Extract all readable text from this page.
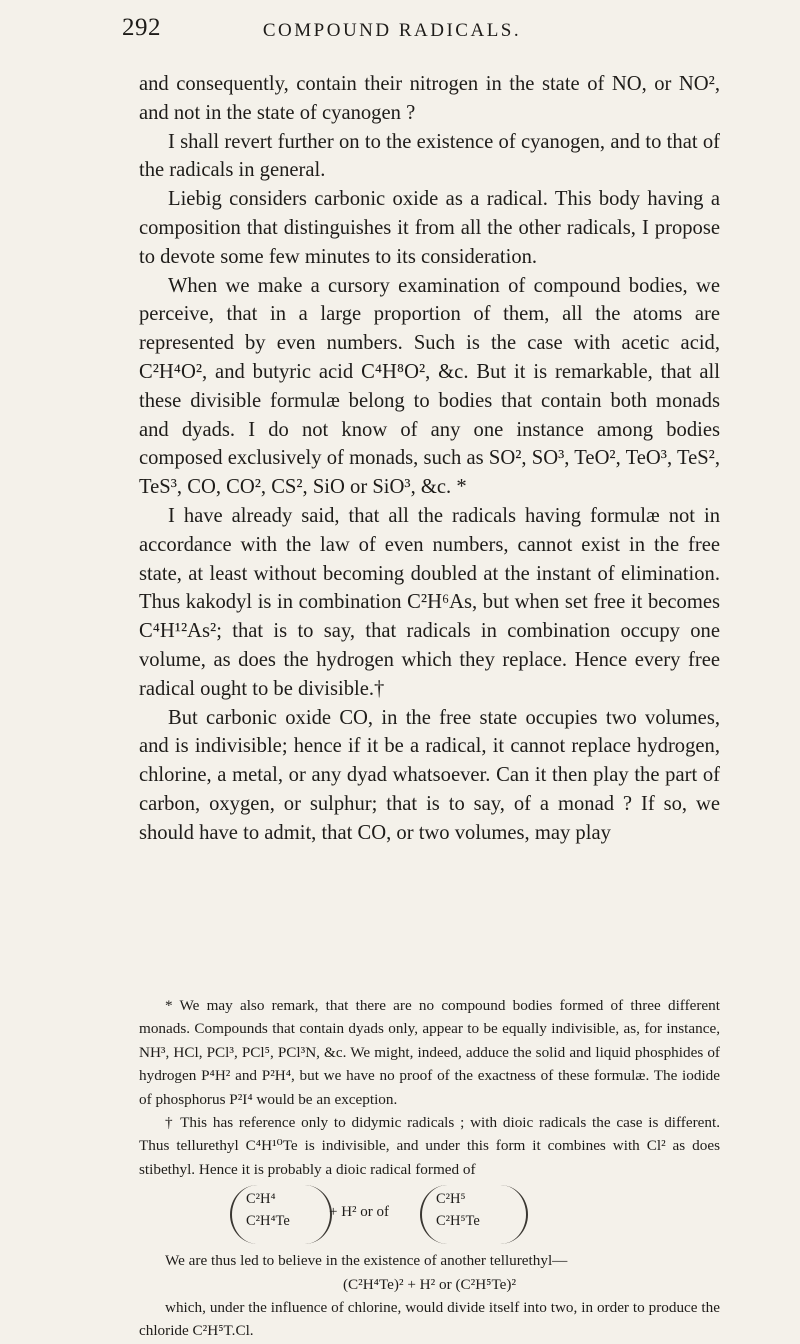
292	COMPOUND RADICALS.

and consequently, contain their nitrogen in the state of NO, or NO², and not in the state of cyanogen ?

I shall revert further on to the existence of cyanogen, and to that of the radicals in general.

Liebig considers carbonic oxide as a radical. This body having a composition that distinguishes it from all the other radicals, I propose to devote some few minutes to its consideration.

When we make a cursory examination of compound bodies, we perceive, that in a large proportion of them, all the atoms are represented by even numbers. Such is the case with acetic acid, C²H⁴O², and butyric acid C⁴H⁸O², &c. But it is remarkable, that all these divisible formulæ belong to bodies that contain both monads and dyads. I do not know of any one instance among bodies composed exclusively of monads, such as SO², SO³, TeO², TeO³, TeS², TeS³, CO, CO², CS², SiO or SiO³, &c. *

I have already said, that all the radicals having formulæ not in accordance with the law of even numbers, cannot exist in the free state, at least without becoming doubled at the instant of elimination. Thus kakodyl is in combination C²H⁶As, but when set free it becomes C⁴H¹²As²; that is to say, that radicals in combination occupy one volume, as does the hydrogen which they replace. Hence every free radical ought to be divisible.†

But carbonic oxide CO, in the free state occupies two volumes, and is indivisible; hence if it be a radical, it cannot replace hydrogen, chlorine, a metal, or any dyad whatsoever. Can it then play the part of carbon, oxygen, or sulphur; that is to say, of a monad ? If so, we should have to admit, that CO, or two volumes, may play

* We may also remark, that there are no compound bodies formed of three different monads. Compounds that contain dyads only, appear to be equally indivisible, as, for instance, NH³, HCl, PCl³, PCl⁵, PCl³N, &c. We might, indeed, adduce the solid and liquid phosphides of hydrogen P⁴H² and P²H⁴, but we have no proof of the exactness of these formulæ. The iodide of phosphorus P²I⁴ would be an exception.

† This has reference only to didymic radicals ; with dioic radicals the case is different. Thus tellurethyl C⁴H¹⁰Te is indivisible, and under this form it combines with Cl² as does stibethyl. Hence it is probably a dioic radical formed of

C²H⁴
C²H⁴Te
+ H² or of
C²H⁵
C²H⁵Te

We are thus led to believe in the existence of another tellurethyl—

(C²H⁴Te)² + H² or (C²H⁵Te)²

which, under the influence of chlorine, would divide itself into two, in order to produce the chloride C²H⁵T.Cl.
